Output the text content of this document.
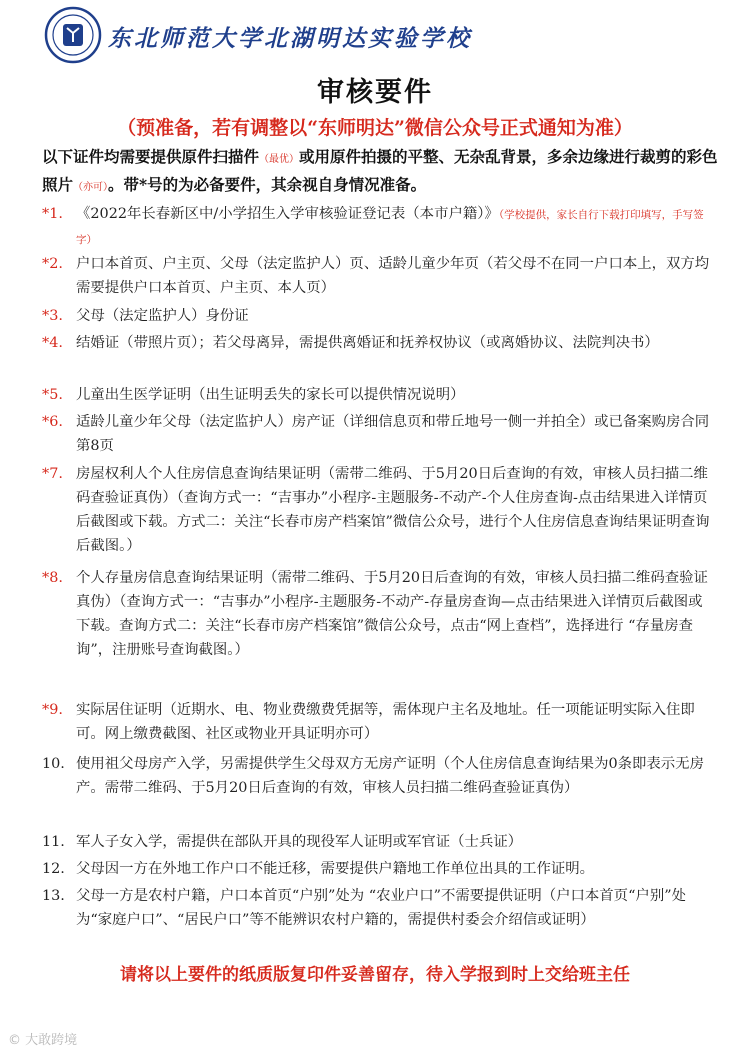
东北师范大学北湖明达实验学校
审核要件
（预准备，若有调整以“东师明达”微信公众号正式通知为准）
以下证件均需要提供原件扫描件（最优）或用原件拍摄的平整、无杂乱背景，多余边缘进行裁剪的彩色照片（亦可）。带*号的为必备要件，其余视自身情况准备。
*1. 《2022年长春新区中/小学招生入学审核验证登记表（本市户籍）》（学校提供，家长自行下载打印填写，手写签字）
*2. 户口本首页、户主页、父母（法定监护人）页、适龄儿童少年页（若父母不在同一户口本上，双方均需要提供户口本首页、户主页、本人页）
*3. 父母（法定监护人）身份证
*4. 结婚证（带照片页）；若父母离异，需提供离婚证和抚养权协议（或离婚协议、法院判决书）
*5. 儿童出生医学证明（出生证明丢失的家长可以提供情况说明）
*6. 适龄儿童少年父母（法定监护人）房产证（详细信息页和带丘地号一侧一并拍全）或已备案购房合同第8页
*7. 房屋权利人个人住房信息查询结果证明（需带二维码、于5月20日后查询的有效，审核人员扫描二维码查验证真伪）（查询方式一：“吉事办”小程序-主题服务-不动产-个人住房查询-点击结果进入详情页后截图或下载。方式二：关注“长春市房产档案馆”微信公众号，进行个人住房信息查询结果证明查询后截图。）
*8. 个人存量房信息查询结果证明（需带二维码、于5月20日后查询的有效，审核人员扫描二维码查验证真伪）（查询方式一：“吉事办”小程序-主题服务-不动产-存量房查询—点击结果进入详情页后截图或下载。查询方式二：关注“长春市房产档案馆”微信公众号，点击“网上查档”，选择进行 “存量房查询”，注册账号查询截图。）
*9. 实际居住证明（近期水、电、物业费缴费凭据等，需体现户主名及地址。任一项能证明实际入住即可。网上缴费截图、社区或物业开具证明亦可）
10. 使用祖父母房产入学，另需提供学生父母双方无房产证明（个人住房信息查询结果为0条即表示无房产。需带二维码、于5月20日后查询的有效，审核人员扫描二维码查验证真伪）
11. 军人子女入学，需提供在部队开具的现役军人证明或军官证（士兵证）
12. 父母因一方在外地工作户口不能迁移，需要提供户籍地工作单位出具的工作证明。
13. 父母一方是农村户籍，户口本首页“户别”处为 “农业户口”不需要提供证明（户口本首页“户别”处为“家庭户口”、“居民户口”等不能辨识农村户籍的，需提供村委会介绍信或证明）
请将以上要件的纸质版复印件妥善留存，待入学报到时上交给班主任
© 大敢跨境
